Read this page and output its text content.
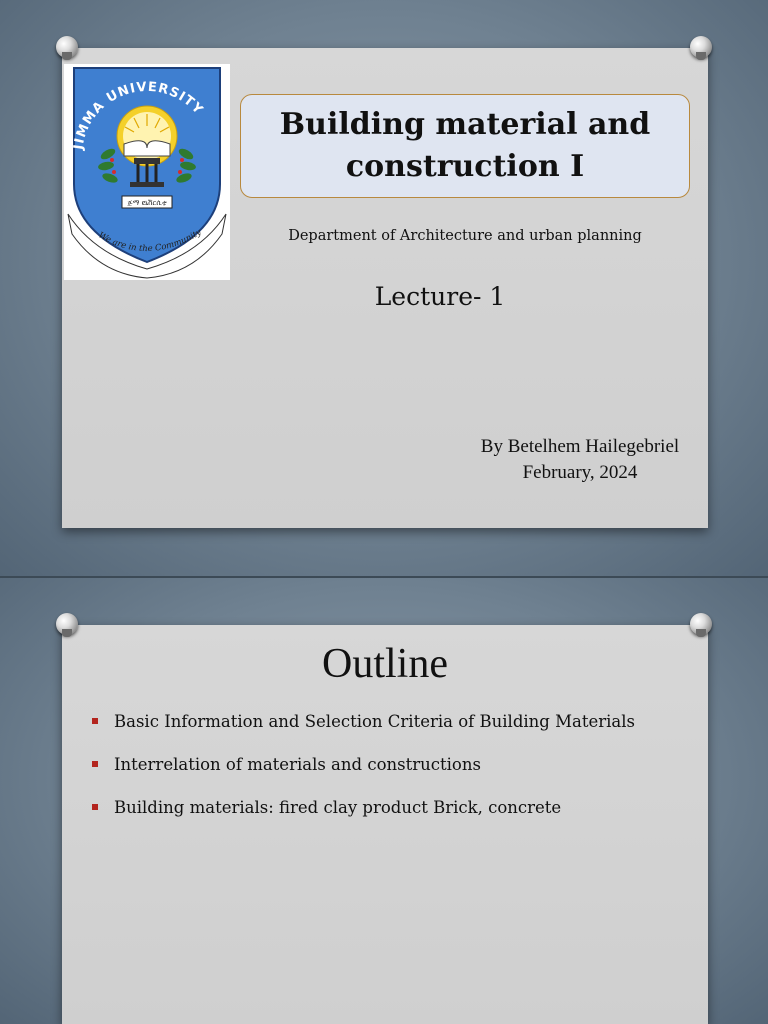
JIMMA UNIVERSITY
We are in the Community
ጅማ ዩኒቨርሲቲ
Building material and construction I
Department of Architecture and urban planning
Lecture- 1
By Betelhem Hailegebriel
February, 2024
Outline
Basic Information and Selection Criteria of Building Materials
Interrelation of materials and constructions
Building materials: fired clay product Brick, concrete
